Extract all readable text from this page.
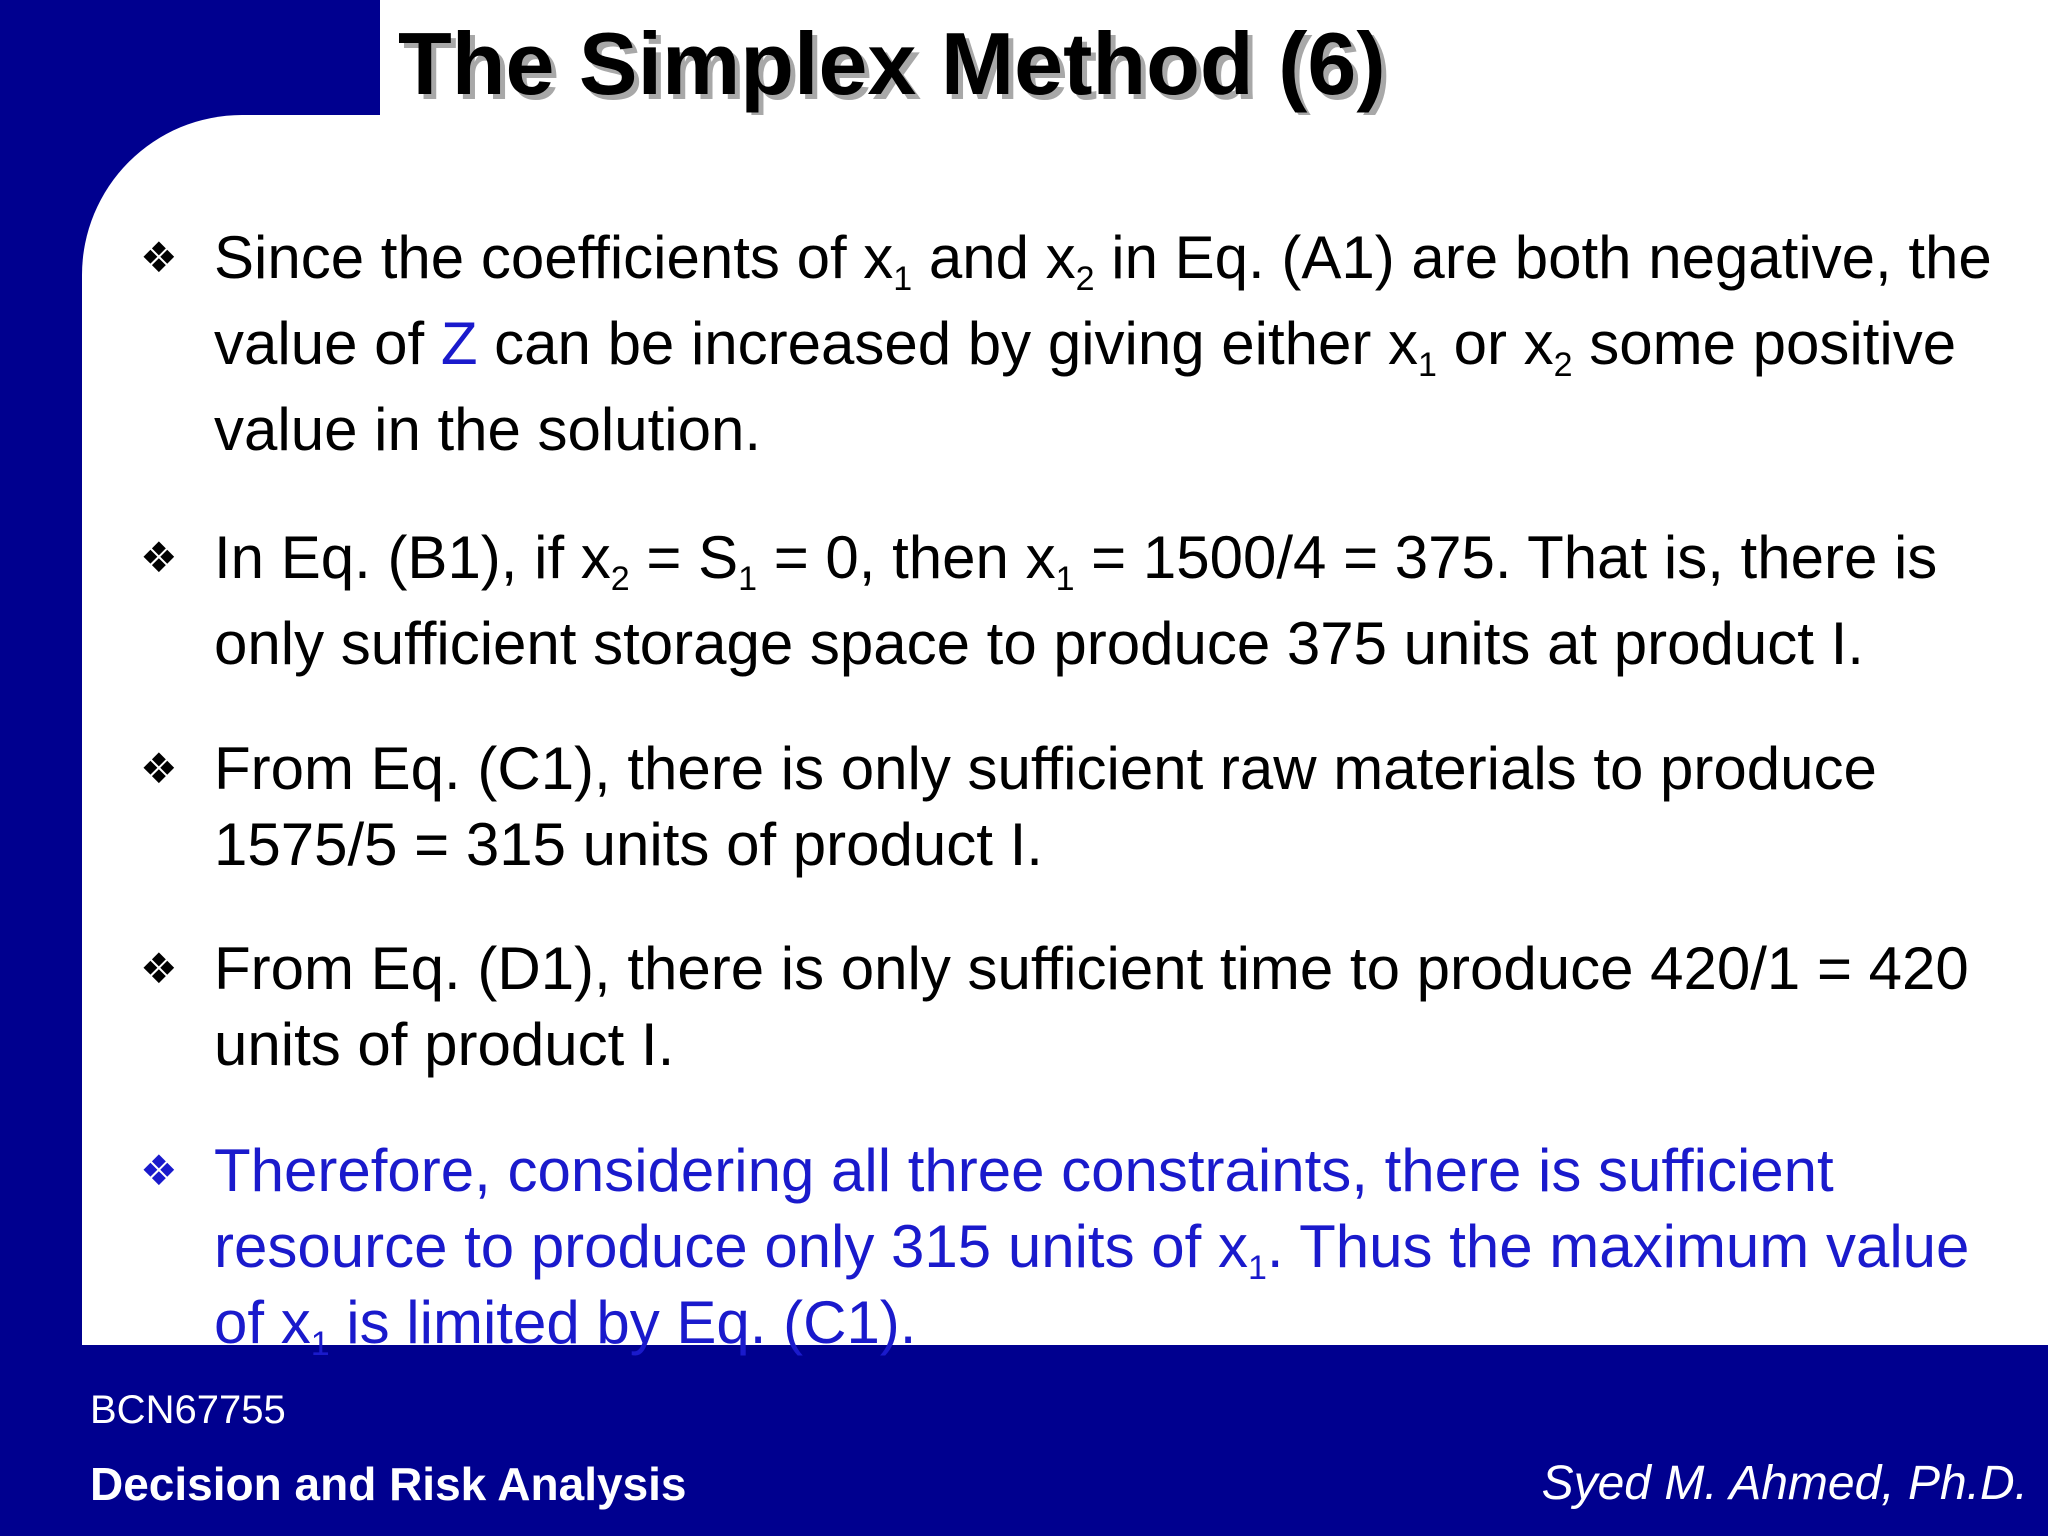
The Simplex Method (6)
❖ Since the coefficients of $x_1$ and $x_2$ in Eq. (A1) are both negative, the value of Z can be increased by giving either $x_1$ or $x_2$ some positive value in the solution.
❖ In Eq. (B1), if $x_2 = S_1 = 0$, then $x_1 = 1500/4 = 375$. That is, there is only sufficient storage space to produce 375 units at product I.
❖ From Eq. (C1), there is only sufficient raw materials to produce 1575/5 = 315 units of product I.
❖ From Eq. (D1), there is only sufficient time to produce 420/1 = 420 units of product I.
❖ Therefore, considering all three constraints, there is sufficient resource to produce only 315 units of $x_1$. Thus the maximum value of $x_1$ is limited by Eq. (C1).
BCN67755
Decision and Risk Analysis	Syed M. Ahmed, Ph.D.
